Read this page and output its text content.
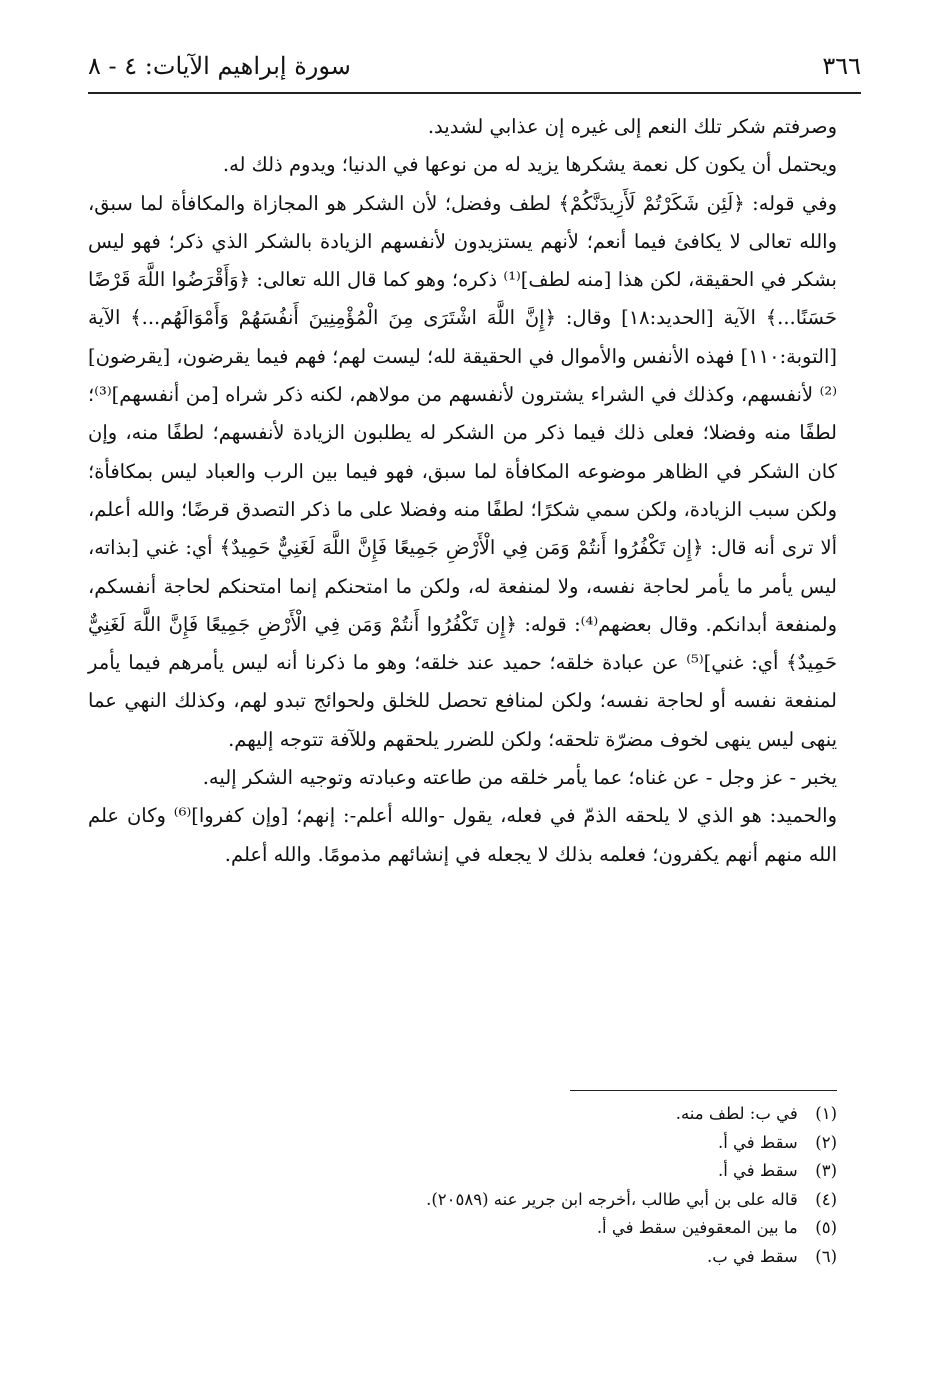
٣٦٦
سورة إبراهيم الآيات: ٤ - ٨

وصرفتم شكر تلك النعم إلى غيره إن عذابي لشديد.

ويحتمل أن يكون كل نعمة يشكرها يزيد له من نوعها في الدنيا؛ ويدوم ذلك له.

وفي قوله: ﴿لَئِن شَكَرْتُمْ لَأَزِيدَنَّكُمْ﴾ لطف وفضل؛ لأن الشكر هو المجازاة والمكافأة لما سبق، والله تعالى لا يكافئ فيما أنعم؛ لأنهم يستزيدون لأنفسهم الزيادة بالشكر الذي ذكر؛ فهو ليس بشكر في الحقيقة، لكن هذا [منه لطف]⁽¹⁾ ذكره؛ وهو كما قال الله تعالى: ﴿وَأَقْرَضُوا اللَّهَ قَرْضًا حَسَنًا...﴾ الآية [الحديد:١٨] وقال: ﴿إِنَّ اللَّهَ اشْتَرَى مِنَ الْمُؤْمِنِينَ أَنفُسَهُمْ وَأَمْوَالَهُم...﴾ الآية [التوبة:١١٠] فهذه الأنفس والأموال في الحقيقة لله؛ ليست لهم؛ فهم فيما يقرضون، [يقرضون]⁽²⁾ لأنفسهم، وكذلك في الشراء يشترون لأنفسهم من مولاهم، لكنه ذكر شراه [من أنفسهم]⁽³⁾؛ لطفًا منه وفضلا؛ فعلى ذلك فيما ذكر من الشكر له يطلبون الزيادة لأنفسهم؛ لطفًا منه، وإن كان الشكر في الظاهر موضوعه المكافأة لما سبق، فهو فيما بين الرب والعباد ليس بمكافأة؛ ولكن سبب الزيادة، ولكن سمي شكرًا؛ لطفًا منه وفضلا على ما ذكر التصدق قرضًا؛ والله أعلم، ألا ترى أنه قال: ﴿إِن تَكْفُرُوا أَنتُمْ وَمَن فِي الْأَرْضِ جَمِيعًا فَإِنَّ اللَّهَ لَغَنِيٌّ حَمِيدٌ﴾ أي: غني [بذاته، ليس يأمر ما يأمر لحاجة نفسه، ولا لمنفعة له، ولكن ما امتحنكم إنما امتحنكم لحاجة أنفسكم، ولمنفعة أبدانكم. وقال بعضهم⁽⁴⁾: قوله: ﴿إِن تَكْفُرُوا أَنتُمْ وَمَن فِي الْأَرْضِ جَمِيعًا فَإِنَّ اللَّهَ لَغَنِيٌّ حَمِيدٌ﴾ أي: غني]⁽⁵⁾ عن عبادة خلقه؛ حميد عند خلقه؛ وهو ما ذكرنا أنه ليس يأمرهم فيما يأمر لمنفعة نفسه أو لحاجة نفسه؛ ولكن لمنافع تحصل للخلق ولحوائج تبدو لهم، وكذلك النهي عما ينهى ليس ينهى لخوف مضرّة تلحقه؛ ولكن للضرر يلحقهم وللآفة تتوجه إليهم.

يخبر - عز وجل - عن غناه؛ عما يأمر خلقه من طاعته وعبادته وتوجيه الشكر إليه.

والحميد: هو الذي لا يلحقه الذمّ في فعله، يقول -والله أعلم-: إنهم؛ [وإن كفروا]⁽⁶⁾ وكان علم الله منهم أنهم يكفرون؛ فعلمه بذلك لا يجعله في إنشائهم مذمومًا. والله أعلم.

(١) في ب: لطف منه.
(٢) سقط في أ.
(٣) سقط في أ.
(٤) قاله على بن أبي طالب ،أخرجه ابن جرير عنه (٢٠٥٨٩).
(٥) ما بين المعقوفين سقط في أ.
(٦) سقط في ب.
